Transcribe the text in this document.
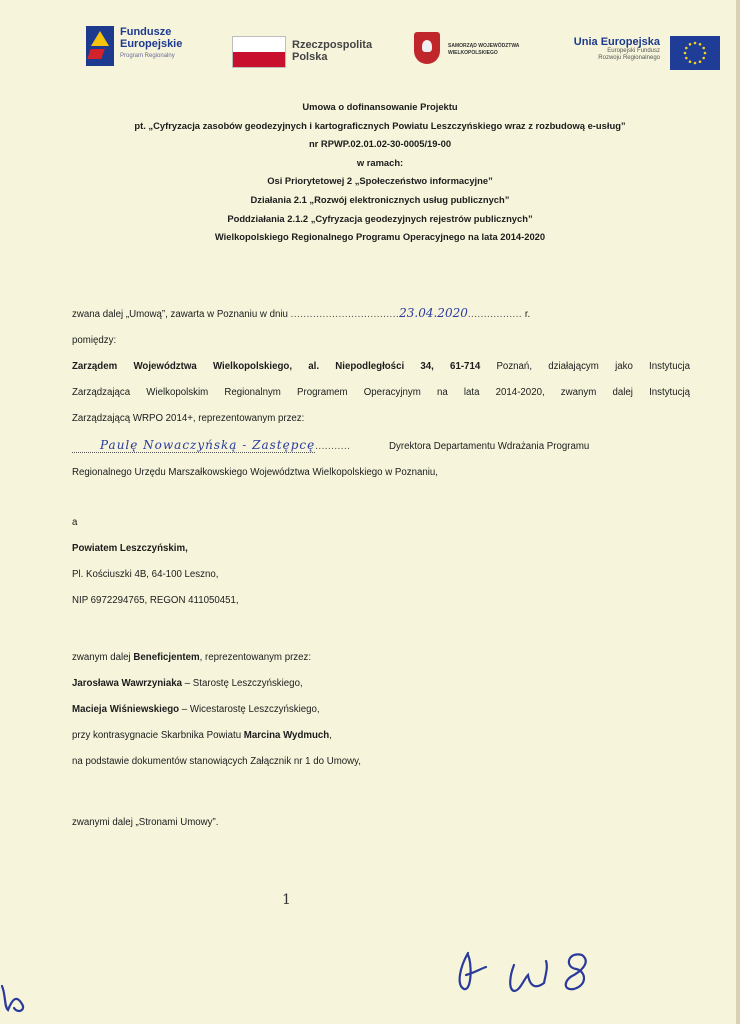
Fundusze
Europejskie
Program Regionalny
Rzeczpospolita
Polska
SAMORZĄD WOJEWÓDZTWA
WIELKOPOLSKIEGO
Unia Europejska
Europejski Fundusz
Rozwoju Regionalnego
Umowa o dofinansowanie Projektu
pt. „Cyfryzacja zasobów geodezyjnych i kartograficznych Powiatu Leszczyńskiego wraz z rozbudową e-usług”
nr RPWP.02.01.02-30-0005/19-00
w ramach:
Osi Priorytetowej 2 „Społeczeństwo informacyjne”
Działania 2.1 „Rozwój elektronicznych usług publicznych”
Poddziałania 2.1.2 „Cyfryzacja geodezyjnych rejestrów publicznych”
Wielkopolskiego Regionalnego Programu Operacyjnego na lata 2014-2020
zwana dalej „Umową”, zawarta w Poznaniu w dniu ..................................23.04.2020................. r.
pomiędzy:
Zarządem Województwa Wielkopolskiego, al. Niepodległości 34, 61-714 Poznań, działającym jako Instytucja
Zarządzająca Wielkopolskim Regionalnym Programem Operacyjnym na lata 2014-2020, zwanym dalej Instytucją
Zarządzającą WRPO 2014+, reprezentowanym przez:
Paulę Nowaczyńską - Zastępcę...........	Dyrektora Departamentu Wdrażania Programu
Regionalnego Urzędu Marszałkowskiego Województwa Wielkopolskiego w Poznaniu,
a
Powiatem Leszczyńskim,
Pl. Kościuszki 4B, 64-100 Leszno,
NIP 6972294765, REGON 411050451,
zwanym dalej Beneficjentem, reprezentowanym przez:
Jarosława Wawrzyniaka – Starostę Leszczyńskiego,
Macieja Wiśniewskiego – Wicestarostę Leszczyńskiego,
przy kontrasygnacie Skarbnika Powiatu Marcina Wydmuch,
na podstawie dokumentów stanowiących Załącznik nr 1 do Umowy,
zwanymi dalej „Stronami Umowy”.
1
